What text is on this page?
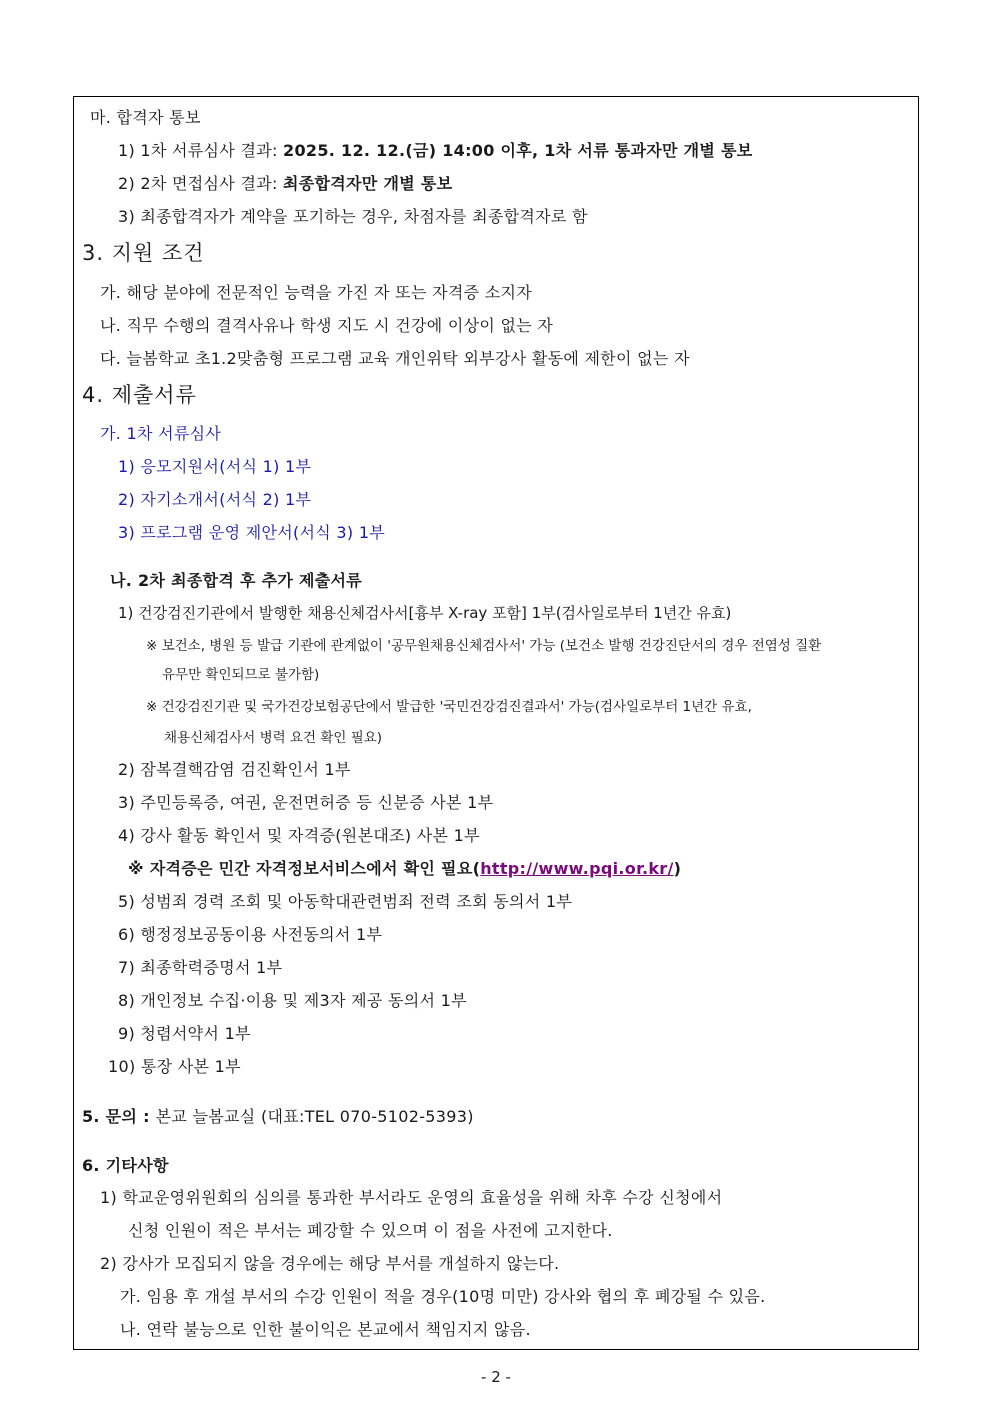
마. 합격자 통보
1) 1차 서류심사 결과: 2025. 12. 12.(금) 14:00 이후, 1차 서류 통과자만 개별 통보
2) 2차 면접심사 결과: 최종합격자만 개별 통보
3) 최종합격자가 계약을 포기하는 경우, 차점자를 최종합격자로 함
3. 지원 조건
가. 해당 분야에 전문적인 능력을 가진 자 또는 자격증 소지자
나. 직무 수행의 결격사유나 학생 지도 시 건강에 이상이 없는 자
다. 늘봄학교 초1.2맞춤형 프로그램 교육 개인위탁 외부강사 활동에 제한이 없는 자
4. 제출서류
가. 1차 서류심사
1) 응모지원서(서식 1) 1부
2) 자기소개서(서식 2) 1부
3) 프로그램 운영 제안서(서식 3) 1부
나. 2차 최종합격 후 추가 제출서류
1) 건강검진기관에서 발행한 채용신체검사서[흉부 X-ray 포함] 1부(검사일로부터 1년간 유효)
※ 보건소, 병원 등 발급 기관에 관계없이 '공무원채용신체검사서' 가능 (보건소 발행 건강진단서의 경우 전염성 질환
유무만 확인되므로 불가함)
※ 건강검진기관 및 국가건강보험공단에서 발급한 '국민건강검진결과서' 가능(검사일로부터 1년간 유효,
채용신체검사서 병력 요건 확인 필요)
2) 잠복결핵감염 검진확인서 1부
3) 주민등록증, 여권, 운전면허증 등 신분증 사본 1부
4) 강사 활동 확인서 및 자격증(원본대조) 사본 1부
※ 자격증은 민간 자격정보서비스에서 확인 필요(http://www.pqi.or.kr/)
5) 성범죄 경력 조회 및 아동학대관련범죄 전력 조회 동의서 1부
6) 행정정보공동이용 사전동의서 1부
7) 최종학력증명서 1부
8) 개인정보 수집·이용 및 제3자 제공 동의서 1부
9) 청렴서약서 1부
10) 통장 사본 1부
5. 문의 : 본교 늘봄교실 (대표:TEL 070-5102-5393)
6. 기타사항
1) 학교운영위원회의 심의를 통과한 부서라도 운영의 효율성을 위해 차후 수강 신청에서
신청 인원이 적은 부서는 폐강할 수 있으며 이 점을 사전에 고지한다.
2) 강사가 모집되지 않을 경우에는 해당 부서를 개설하지 않는다.
가. 임용 후 개설 부서의 수강 인원이 적을 경우(10명 미만) 강사와 협의 후 폐강될 수 있음.
나. 연락 불능으로 인한 불이익은 본교에서 책임지지 않음.
- 2 -
